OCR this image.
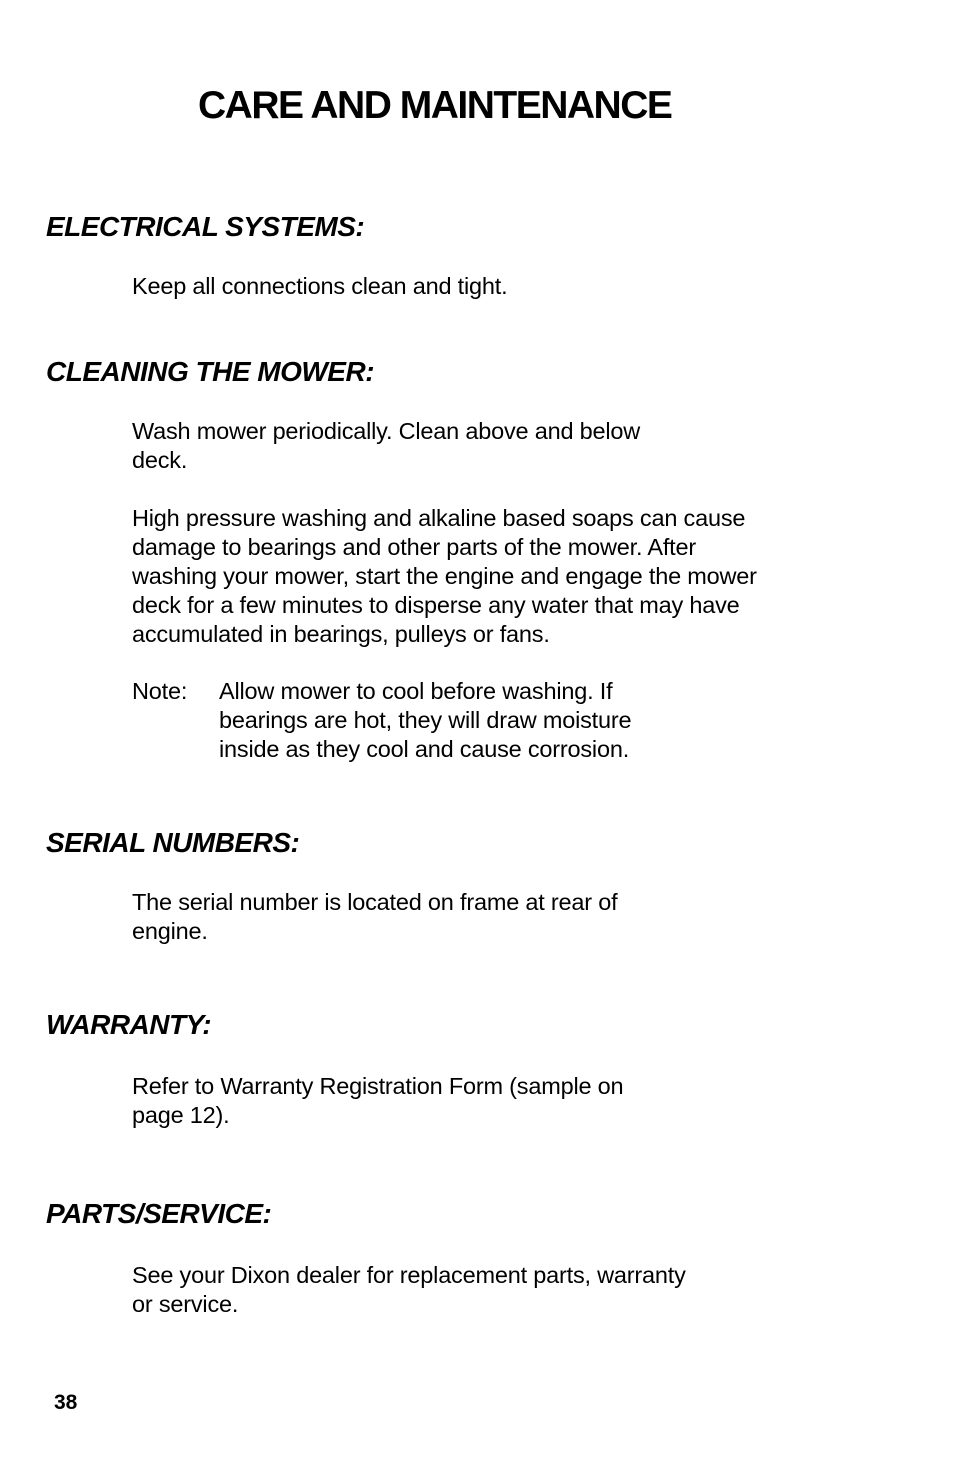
CARE AND MAINTENANCE
ELECTRICAL SYSTEMS:

Keep all connections clean and tight.

CLEANING THE MOWER:

Wash mower periodically. Clean above and below
deck.

High pressure washing and alkaline based soaps can cause
damage to bearings and other parts of the mower. After
washing your mower, start the engine and engage the mower
deck for a few minutes to disperse any water that may have
accumulated in bearings, pulleys or fans.

Note: Allow mower to cool before washing. If
bearings are hot, they will draw moisture
inside as they cool and cause corrosion.
SERIAL NUMBERS:

The serial number is located on frame at rear of
engine.

WARRANTY:

Refer to Warranty Registration Form (sample on
page 12).

PARTS/SERVICE:

See your Dixon dealer for replacement parts, warranty
or service.

38
